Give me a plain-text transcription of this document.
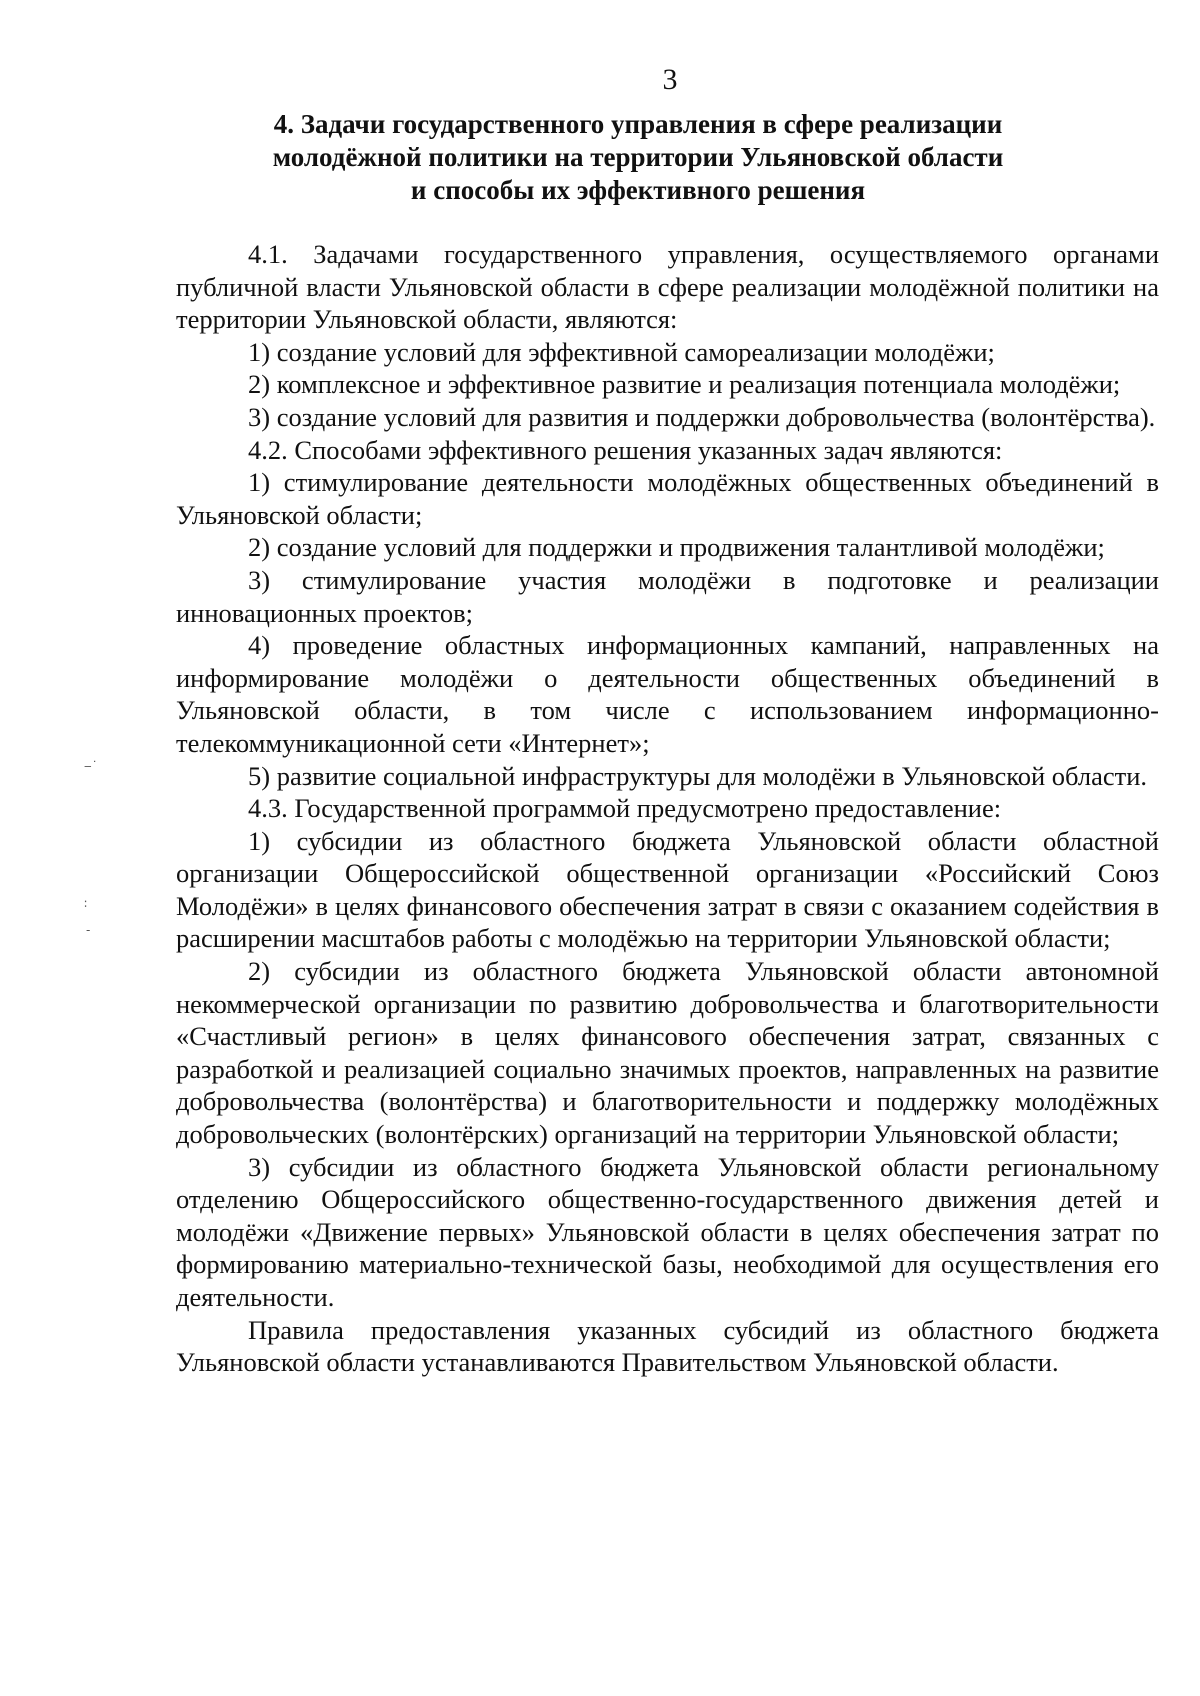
3
4. Задачи государственного управления в сфере реализации
молодёжной политики на территории Ульяновской области
и способы их эффективного решения

4.1. Задачами государственного управления, осуществляемого органами публичной власти Ульяновской области в сфере реализации молодёжной политики на территории Ульяновской области, являются:

1) создание условий для эффективной самореализации молодёжи;

2) комплексное и эффективное развитие и реализация потенциала молодёжи;

3) создание условий для развития и поддержки добровольчества (волонтёрства).

4.2. Способами эффективного решения указанных задач являются:

1) стимулирование деятельности молодёжных общественных объединений в Ульяновской области;

2) создание условий для поддержки и продвижения талантливой молодёжи;

3) стимулирование участия молодёжи в подготовке и реализации инновационных проектов;

4) проведение областных информационных кампаний, направленных на информирование молодёжи о деятельности общественных объединений в Ульяновской области, в том числе с использованием информационно-телекоммуникационной сети «Интернет»;

5) развитие социальной инфраструктуры для молодёжи в Ульяновской области.

4.3. Государственной программой предусмотрено предоставление:

1) субсидии из областного бюджета Ульяновской области областной организации Общероссийской общественной организации «Российский Союз Молодёжи» в целях финансового обеспечения затрат в связи с оказанием содействия в расширении масштабов работы с молодёжью на территории Ульяновской области;

2) субсидии из областного бюджета Ульяновской области автономной некоммерческой организации по развитию добровольчества и благотворительности «Счастливый регион» в целях финансового обеспечения затрат, связанных с разработкой и реализацией социально значимых проектов, направленных на развитие добровольчества (волонтёрства) и благотворительности и поддержку молодёжных добровольческих (волонтёрских) организаций на территории Ульяновской области;

3) субсидии из областного бюджета Ульяновской области региональному отделению Общероссийского общественно-государственного движения детей и молодёжи «Движение первых» Ульяновской области в целях обеспечения затрат по формированию материально-технической базы, необходимой для осуществления его деятельности.

Правила предоставления указанных субсидий из областного бюджета Ульяновской области устанавливаются Правительством Ульяновской области.

‒˙
∶
‐
